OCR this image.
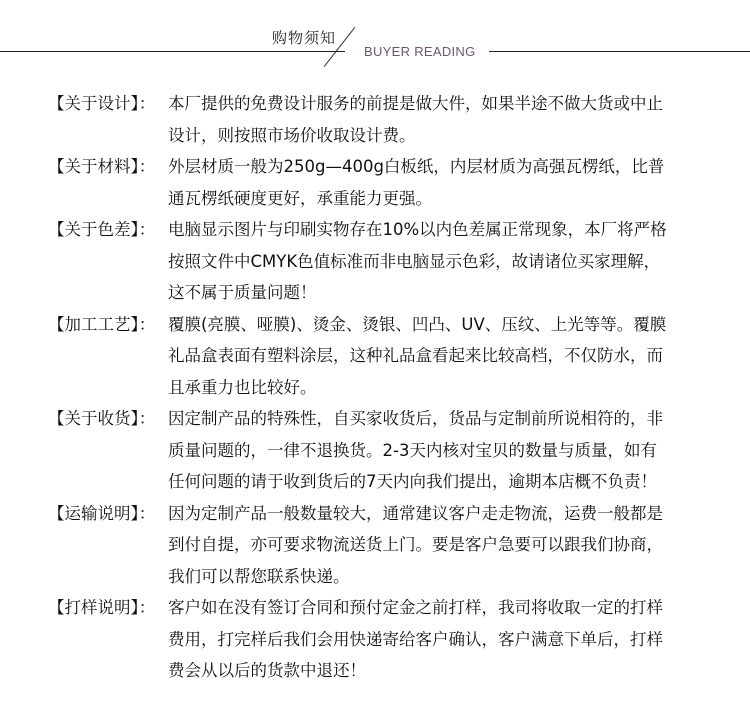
购物须知
BUYER READING
【关于设计】： 本厂提供的免费设计服务的前提是做大件，如果半途不做大货或中止
设计，则按照市场价收取设计费。
【关于材料】： 外层材质一般为250g—400g白板纸，内层材质为高强瓦楞纸，比普
通瓦楞纸硬度更好，承重能力更强。
【关于色差】： 电脑显示图片与印刷实物存在10%以内色差属正常现象，本厂将严格
按照文件中CMYK色值标准而非电脑显示色彩，故请诸位买家理解，
这不属于质量问题！
【加工工艺】： 覆膜(亮膜、哑膜)、烫金、烫银、凹凸、UV、压纹、上光等等。覆膜
礼品盒表面有塑料涂层，这种礼品盒看起来比较高档，不仅防水，而
且承重力也比较好。
【关于收货】： 因定制产品的特殊性，自买家收货后，货品与定制前所说相符的，非
质量问题的，一律不退换货。2-3天内核对宝贝的数量与质量，如有
任何问题的请于收到货后的7天内向我们提出，逾期本店概不负责！
【运输说明】： 因为定制产品一般数量较大，通常建议客户走走物流，运费一般都是
到付自提，亦可要求物流送货上门。要是客户急要可以跟我们协商，
我们可以帮您联系快递。
【打样说明】： 客户如在没有签订合同和预付定金之前打样，我司将收取一定的打样
费用，打完样后我们会用快递寄给客户确认，客户满意下单后，打样
费会从以后的货款中退还！
